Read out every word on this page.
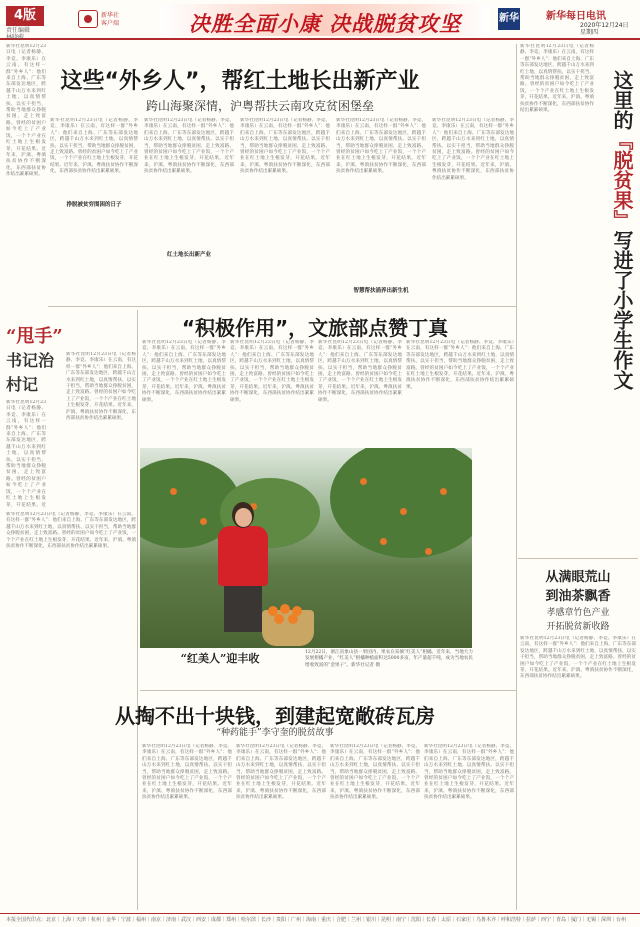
4版
责任编辑
林晓蔚
新华社
客户端	决胜全面小康 决战脱贫攻坚	新华	新华每日电讯
2020年12月24日
星期四
这些“外乡人”，帮红土地长出新产业
跨山海聚深情，沪粤帮扶云南攻克贫困堡垒
新华社昆明12月23日电（记者杨静、李竞、李康乐）在云南，有这样一群“外乡人”：他们来自上海、广东等东部发达地区，跨越千山万水来到红土地，以真情帮扶、以实干担当，帮助当地群众挣脱贫困，走上致富路。曾经的贫困户如今吃上了产业饭，一个个产业在红土地上生根发芽，开花结果。近年来，沪滇、粤滇扶贫协作不断深化，东西部扶贫协作结出累累硕果。
挣脱被贫穷围困的日子
新华社昆明12月23日电（记者杨静、李竞、李康乐）在云南，有这样一群“外乡人”：他们来自上海、广东等东部发达地区，跨越千山万水来到红土地，以真情帮扶、以实干担当，帮助当地群众挣脱贫困，走上致富路。曾经的贫困户如今吃上了产业饭，一个个产业在红土地上生根发芽，开花结果。近年来，沪滇、粤滇扶贫协作不断深化，东西部扶贫协作结出累累硕果。
红土地长出新产业
新华社昆明12月23日电（记者杨静、李竞、李康乐）在云南，有这样一群“外乡人”：他们来自上海、广东等东部发达地区，跨越千山万水来到红土地，以真情帮扶、以实干担当，帮助当地群众挣脱贫困，走上致富路。曾经的贫困户如今吃上了产业饭，一个个产业在红土地上生根发芽，开花结果。近年来，沪滇、粤滇扶贫协作不断深化，东西部扶贫协作结出累累硕果。
智慧帮扶涌养出新生机
新华社昆明12月23日电（记者杨静、李竞、李康乐）在云南，有这样一群“外乡人”：他们来自上海、广东等东部发达地区，跨越千山万水来到红土地，以真情帮扶、以实干担当，帮助当地群众挣脱贫困，走上致富路。曾经的贫困户如今吃上了产业饭，一个个产业在红土地上生根发芽，开花结果。近年来，沪滇、粤滇扶贫协作不断深化，东西部扶贫协作结出累累硕果。
新华社昆明12月23日电（记者杨静、李竞、李康乐）在云南，有这样一群“外乡人”：他们来自上海、广东等东部发达地区，跨越千山万水来到红土地，以真情帮扶、以实干担当，帮助当地群众挣脱贫困，走上致富路。曾经的贫困户如今吃上了产业饭，一个个产业在红土地上生根发芽，开花结果。近年来，沪滇、粤滇扶贫协作不断深化，东西部扶贫协作结出累累硕果。
新华社昆明12月23日电（记者杨静、李竞、李康乐）在云南，有这样一群“外乡人”：他们来自上海、广东等东部发达地区，跨越千山万水来到红土地，以真情帮扶、以实干担当，帮助当地群众挣脱贫困，走上致富路。曾经的贫困户如今吃上了产业饭，一个个产业在红土地上生根发芽，开花结果。近年来，沪滇、粤滇扶贫协作不断深化，东西部扶贫协作结出累累硕果。
“甩手”
书记治村记
新华社昆明12月23日电（记者杨静、李竞、李康乐）在云南，有这样一群“外乡人”：他们来自上海、广东等东部发达地区，跨越千山万水来到红土地，以真情帮扶、以实干担当，帮助当地群众挣脱贫困，走上致富路。曾经的贫困户如今吃上了产业饭，一个个产业在红土地上生根发芽，开花结果。近
新华社昆明12月23日电（记者杨静、李竞、李康乐）在云南，有这样一群“外乡人”：他们来自上海、广东等东部发达地区，跨越千山万水来到红土地，以真情帮扶、以实干担当，帮助当地群众挣脱贫困，走上致富路。曾经的贫困户如今吃上了产业饭，一个个产业在红土地上生根发芽，开花结果。近年来，沪滇、粤滇扶贫协作不断深化，东西部扶贫协作结出累累硕果。
新华社昆明12月23日电（记者杨静、李竞、李康乐）在云南，有这样一群“外乡人”：他们来自上海、广东等东部发达地区，跨越千山万水来到红土地，以真情帮扶、以实干担当，帮助当地群众挣脱贫困，走上致富路。曾经的贫困户如今吃上了产业饭，一个个产业在红土地上生根发芽，开花结果。近年来，沪滇、粤滇扶贫协作不断深化，东西部扶贫协作结出累累硕果。
“积极作用”，文旅部点赞丁真
新华社昆明12月23日电（记者杨静、李竞、李康乐）在云南，有这样一群“外乡人”：他们来自上海、广东等东部发达地区，跨越千山万水来到红土地，以真情帮扶、以实干担当，帮助当地群众挣脱贫困，走上致富路。曾经的贫困户如今吃上了产业饭，一个个产业在红土地上生根发芽，开花结果。近年来，沪滇、粤滇扶贫协作不断深化，东西部扶贫协作结出累累硕果。
新华社昆明12月23日电（记者杨静、李竞、李康乐）在云南，有这样一群“外乡人”：他们来自上海、广东等东部发达地区，跨越千山万水来到红土地，以真情帮扶、以实干担当，帮助当地群众挣脱贫困，走上致富路。曾经的贫困户如今吃上了产业饭，一个个产业在红土地上生根发芽，开花结果。近年来，沪滇、粤滇扶贫协作不断深化，东西部扶贫协作结出累累硕果。
新华社昆明12月23日电（记者杨静、李竞、李康乐）在云南，有这样一群“外乡人”：他们来自上海、广东等东部发达地区，跨越千山万水来到红土地，以真情帮扶、以实干担当，帮助当地群众挣脱贫困，走上致富路。曾经的贫困户如今吃上了产业饭，一个个产业在红土地上生根发芽，开花结果。近年来，沪滇、粤滇扶贫协作不断深化，东西部扶贫协作结出累累硕果。
新华社昆明12月23日电（记者杨静、李竞、李康乐）在云南，有这样一群“外乡人”：他们来自上海、广东等东部发达地区，跨越千山万水来到红土地，以真情帮扶、以实干担当，帮助当地群众挣脱贫困，走上致富路。曾经的贫困户如今吃上了产业饭，一个个产业在红土地上生根发芽，开花结果。近年来，沪滇、粤滇扶贫协作不断深化，东西部扶贫协作结出累累硕果。
“红美人”迎丰收	12月22日，浙江省象山县一果园内，果农在采摘“红美人”柑橘。近年来，当地大力发展柑橘产业，“红美人”柑橘种植面积达5000多亩，年产量超千吨，成为当地农民增收致富的“金果子”。新华社记者 摄
从掏不出十块钱，到建起宽敞砖瓦房
“种药能手”李守奎的脱贫故事
新华社昆明12月23日电（记者杨静、李竞、李康乐）在云南，有这样一群“外乡人”：他们来自上海、广东等东部发达地区，跨越千山万水来到红土地，以真情帮扶、以实干担当，帮助当地群众挣脱贫困，走上致富路。曾经的贫困户如今吃上了产业饭，一个个产业在红土地上生根发芽，开花结果。近年来，沪滇、粤滇扶贫协作不断深化，东西部扶贫协作结出累累硕果。
新华社昆明12月23日电（记者杨静、李竞、李康乐）在云南，有这样一群“外乡人”：他们来自上海、广东等东部发达地区，跨越千山万水来到红土地，以真情帮扶、以实干担当，帮助当地群众挣脱贫困，走上致富路。曾经的贫困户如今吃上了产业饭，一个个产业在红土地上生根发芽，开花结果。近年来，沪滇、粤滇扶贫协作不断深化，东西部扶贫协作结出累累硕果。
新华社昆明12月23日电（记者杨静、李竞、李康乐）在云南，有这样一群“外乡人”：他们来自上海、广东等东部发达地区，跨越千山万水来到红土地，以真情帮扶、以实干担当，帮助当地群众挣脱贫困，走上致富路。曾经的贫困户如今吃上了产业饭，一个个产业在红土地上生根发芽，开花结果。近年来，沪滇、粤滇扶贫协作不断深化，东西部扶贫协作结出累累硕果。
新华社昆明12月23日电（记者杨静、李竞、李康乐）在云南，有这样一群“外乡人”：他们来自上海、广东等东部发达地区，跨越千山万水来到红土地，以真情帮扶、以实干担当，帮助当地群众挣脱贫困，走上致富路。曾经的贫困户如今吃上了产业饭，一个个产业在红土地上生根发芽，开花结果。近年来，沪滇、粤滇扶贫协作不断深化，东西部扶贫协作结出累累硕果。
新华社昆明12月23日电（记者杨静、李竞、李康乐）在云南，有这样一群“外乡人”：他们来自上海、广东等东部发达地区，跨越千山万水来到红土地，以真情帮扶、以实干担当，帮助当地群众挣脱贫困，走上致富路。曾经的贫困户如今吃上了产业饭，一个个产业在红土地上生根发芽，开花结果。近年来，沪滇、粤滇扶贫协作不断深化，东西部扶贫协作结出累累硕果。	这里的『脱贫果』写进了小学生作文
从满眼荒山
到油茶飘香
孝感章竹色产业
开拓脱贫新收路
新华社昆明12月23日电（记者杨静、李竞、李康乐）在云南，有这样一群“外乡人”：他们来自上海、广东等东部发达地区，跨越千山万水来到红土地，以真情帮扶、以实干担当，帮助当地群众挣脱贫困，走上致富路。曾经的贫困户如今吃上了产业饭，一个个产业在红土地上生根发芽，开花结果。近年来，沪滇、粤滇扶贫协作不断深化，东西部扶贫协作结出累累硕果。
本报全国代印点：北京｜上海｜天津｜杭州｜金华｜宁波｜福州｜南京｜济南｜武汉｜西安｜成都｜郑州｜哈尔滨｜长沙｜贵阳｜广州｜海南｜重庆｜合肥｜兰州｜银川｜昆明｜南宁｜沈阳｜长春｜太原｜石家庄｜乌鲁木齐｜呼和浩特｜拉萨｜西宁｜青岛｜厦门｜无锡｜深圳｜台州
